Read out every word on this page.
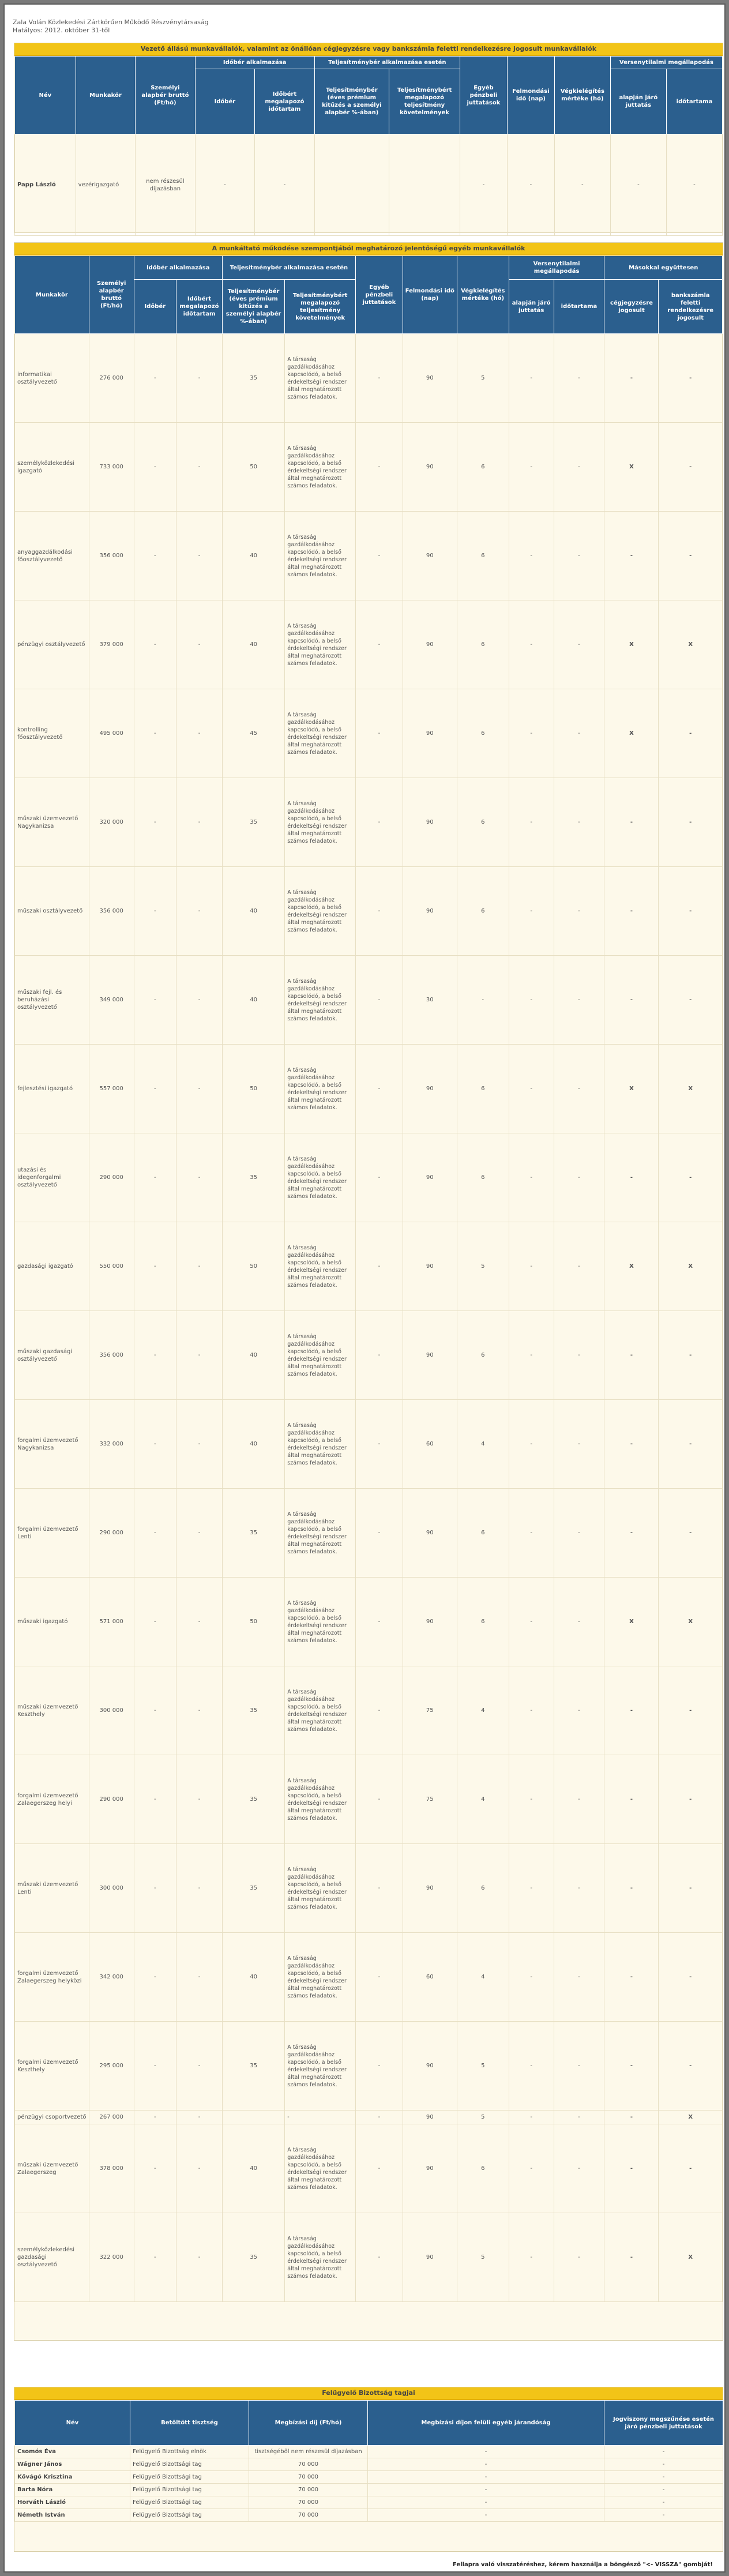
Zala Volán Közlekedési Zártkörűen Működő Részvénytársaság
Hatályos: 2012. október 31-től
Vezető állású munkavállalók, valamint az önállóan cégjegyzésre vagy bankszámla feletti rendelkezésre jogosult munkavállalók
Név	Munkakör	Személyi alapbér bruttó (Ft/hó)	Időbér alkalmazása		Teljesítménybér alkalmazása esetén		Egyéb pénzbeli juttatások	Felmondási idő (nap)	Végkielégítés mértéke (hó)	Versenytilalmi megállapodás	
			Időbér	Időbért megalapozó időtartam	Teljesítménybér (éves prémium kitűzés a személyi alapbér %-ában)	Teljesítménybért megalapozó teljesítmény követelmények				alapján járó juttatás	időtartama
Papp László	vezérigazgató	nem részesül díjazásban	-	-			-	-	-	-	-
A munkáltató működése szempontjából meghatározó jelentőségű egyéb munkavállalók
Munkakör	Személyi alapbér bruttó (Ft/hó)	Időbér alkalmazása		Teljesítménybér alkalmazása esetén		Egyéb pénzbeli juttatások	Felmondási idő (nap)	Végkielégítés mértéke (hó)	Versenytilalmi megállapodás		Másokkal együttesen	
		Időbér	Időbért megalapozó időtartam	Teljesítménybér (éves prémium kitűzés a személyi alapbér %-ában)	Teljesítménybért megalapozó teljesítmény követelmények				alapján járó juttatás	időtartama	cégjegyzésre jogosult	bankszámla feletti rendelkezésre jogosult
informatikai osztályvezető	276 000	-	-	35	A társaság gazdálkodásához kapcsolódó, a belső érdekeltségi rendszer által meghatározott számos feladatok.	-	90	5	-	-	-	-
személyközlekedési igazgató	733 000	-	-	50	A társaság gazdálkodásához kapcsolódó, a belső érdekeltségi rendszer által meghatározott számos feladatok.	-	90	6	-	-	X	-
anyaggazdálkodási főosztályvezető	356 000	-	-	40	A társaság gazdálkodásához kapcsolódó, a belső érdekeltségi rendszer által meghatározott számos feladatok.	-	90	6	-	-	-	-
pénzügyi osztályvezető	379 000	-	-	40	A társaság gazdálkodásához kapcsolódó, a belső érdekeltségi rendszer által meghatározott számos feladatok.	-	90	6	-	-	X	X
kontrolling főosztályvezető	495 000	-	-	45	A társaság gazdálkodásához kapcsolódó, a belső érdekeltségi rendszer által meghatározott számos feladatok.	-	90	6	-	-	X	-
műszaki üzemvezető Nagykanizsa	320 000	-	-	35	A társaság gazdálkodásához kapcsolódó, a belső érdekeltségi rendszer által meghatározott számos feladatok.	-	90	6	-	-	-	-
műszaki osztályvezető	356 000	-	-	40	A társaság gazdálkodásához kapcsolódó, a belső érdekeltségi rendszer által meghatározott számos feladatok.	-	90	6	-	-	-	-
műszaki fejl. és beruházási osztályvezető	349 000	-	-	40	A társaság gazdálkodásához kapcsolódó, a belső érdekeltségi rendszer által meghatározott számos feladatok.	-	30	-	-	-	-	-
fejlesztési igazgató	557 000	-	-	50	A társaság gazdálkodásához kapcsolódó, a belső érdekeltségi rendszer által meghatározott számos feladatok.	-	90	6	-	-	X	X
utazási és idegenforgalmi osztályvezető	290 000	-	-	35	A társaság gazdálkodásához kapcsolódó, a belső érdekeltségi rendszer által meghatározott számos feladatok.	-	90	6	-	-	-	-
gazdasági igazgató	550 000	-	-	50	A társaság gazdálkodásához kapcsolódó, a belső érdekeltségi rendszer által meghatározott számos feladatok.	-	90	5	-	-	X	X
műszaki gazdasági osztályvezető	356 000	-	-	40	A társaság gazdálkodásához kapcsolódó, a belső érdekeltségi rendszer által meghatározott számos feladatok.	-	90	6	-	-	-	-
forgalmi üzemvezető Nagykanizsa	332 000	-	-	40	A társaság gazdálkodásához kapcsolódó, a belső érdekeltségi rendszer által meghatározott számos feladatok.	-	60	4	-	-	-	-
forgalmi üzemvezető Lenti	290 000	-	-	35	A társaság gazdálkodásához kapcsolódó, a belső érdekeltségi rendszer által meghatározott számos feladatok.	-	90	6	-	-	-	-
műszaki igazgató	571 000	-	-	50	A társaság gazdálkodásához kapcsolódó, a belső érdekeltségi rendszer által meghatározott számos feladatok.	-	90	6	-	-	X	X
műszaki üzemvezető Keszthely	300 000	-	-	35	A társaság gazdálkodásához kapcsolódó, a belső érdekeltségi rendszer által meghatározott számos feladatok.	-	75	4	-	-	-	-
forgalmi üzemvezető Zalaegerszeg helyi	290 000	-	-	35	A társaság gazdálkodásához kapcsolódó, a belső érdekeltségi rendszer által meghatározott számos feladatok.	-	75	4	-	-	-	-
műszaki üzemvezető Lenti	300 000	-	-	35	A társaság gazdálkodásához kapcsolódó, a belső érdekeltségi rendszer által meghatározott számos feladatok.	-	90	6	-	-	-	-
forgalmi üzemvezető Zalaegerszeg helyközi	342 000	-	-	40	A társaság gazdálkodásához kapcsolódó, a belső érdekeltségi rendszer által meghatározott számos feladatok.	-	60	4	-	-	-	-
forgalmi üzemvezető Keszthely	295 000	-	-	35	A társaság gazdálkodásához kapcsolódó, a belső érdekeltségi rendszer által meghatározott számos feladatok.	-	90	5	-	-	-	-
pénzügyi csoportvezető	267 000	-	-		-	-	90	5	-	-	-	X
műszaki üzemvezető Zalaegerszeg	378 000	-	-	40	A társaság gazdálkodásához kapcsolódó, a belső érdekeltségi rendszer által meghatározott számos feladatok.	-	90	6	-	-	-	-
személyközlekedési gazdasági osztályvezető	322 000	-	-	35	A társaság gazdálkodásához kapcsolódó, a belső érdekeltségi rendszer által meghatározott számos feladatok.	-	90	5	-	-	-	X
Felügyelő Bizottság tagjai
Név	Betöltött tisztség	Megbízási díj (Ft/hó)	Megbízási díjon felüli egyéb járandóság	Jogviszony megszűnése esetén járó pénzbeli juttatások
Csomós Éva	Felügyelő Bizottság elnök	tisztségéből nem részesül díjazásban	-	-
Wágner János	Felügyelő Bizottsági tag	70 000	-	-
Kővágó Krisztina	Felügyelő Bizottsági tag	70 000	-	-
Barta Nóra	Felügyelő Bizottsági tag	70 000	-	-
Horváth László	Felügyelő Bizottsági tag	70 000	-	-
Németh István	Felügyelő Bizottsági tag	70 000	-	-
Fellapra való visszatéréshez, kérem használja a böngésző "<- VISSZA" gombját!
